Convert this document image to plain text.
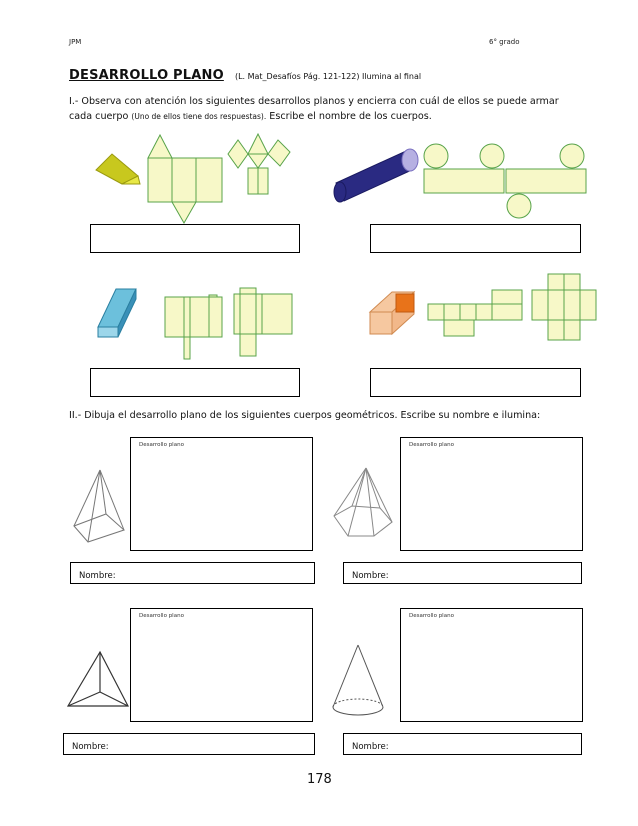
JPM	6° grado
DESARROLLO PLANO (L. Mat_Desafíos Pág. 121-122) Ilumina al final
I.- Observa con atención los siguientes desarrollos planos y encierra con cuál de ellos se puede armar
cada cuerpo (Uno de ellos tiene dos respuestas). Escribe el nombre de los cuerpos.
II.- Dibuja el desarrollo plano de los siguientes cuerpos geométricos. Escribe su nombre e ilumina:
Desarrollo plano	Desarrollo plano
Nombre:	Nombre:
Desarrollo plano	Desarrollo plano
Nombre:	Nombre:
178
